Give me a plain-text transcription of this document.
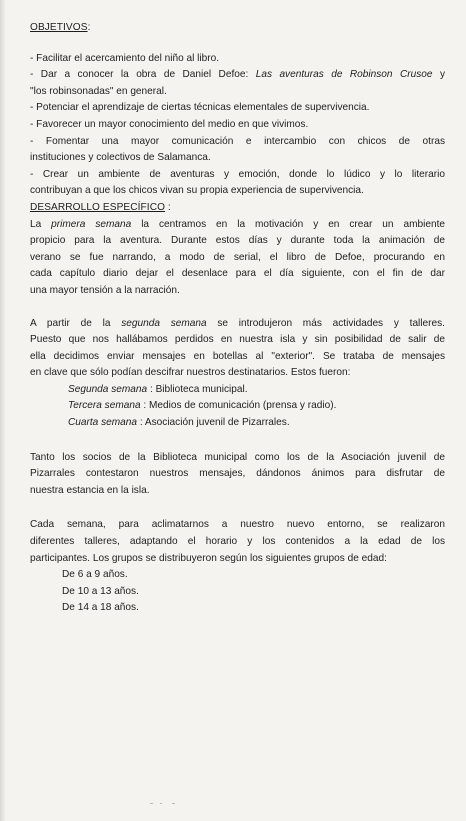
OBJETIVOS:

- Facilitar el acercamiento del niño al libro.

- Dar a conocer la obra de Daniel Defoe: Las aventuras de Robinson Crusoe y

"los robinsonadas" en general.

- Potenciar el aprendizaje de ciertas técnicas elementales de supervivencia.

- Favorecer un mayor conocimiento del medio en que vivimos.

- Fomentar una mayor comunicación e intercambio con chicos de otras

instituciones y colectivos de Salamanca.

- Crear un ambiente de aventuras y emoción, donde lo lúdico y lo literario

contribuyan a que los chicos vivan su propia experiencia de supervivencia.

DESARROLLO ESPECÍFICO :

La primera semana la centramos en la motivación y en crear un ambiente

propicio para la aventura. Durante estos días y durante toda la animación de

verano se fue narrando, a modo de serial, el libro de Defoe, procurando en

cada capítulo diario dejar el desenlace para el día siguiente, con el fin de dar

una mayor tensión a la narración.

A partir de la segunda semana se introdujeron más actividades y talleres.

Puesto que nos hallábamos perdidos en nuestra isla y sin posibilidad de salir de

ella decidimos enviar mensajes en botellas al "exterior". Se trataba de mensajes

en clave que sólo podían descifrar nuestros destinatarios. Estos fueron:

Segunda semana : Biblioteca municipal.

Tercera semana : Medios de comunicación (prensa y radio).

Cuarta semana : Asociación juvenil de Pizarrales.

Tanto los socios de la Biblioteca municipal como los de la Asociación juvenil de

Pizarrales contestaron nuestros mensajes, dándonos ánimos para disfrutar de

nuestra estancia en la isla.

Cada semana, para aclimatarnos a nuestro nuevo entorno, se realizaron

diferentes talleres, adaptando el horario y los contenidos a la edad de los

participantes. Los grupos se distribuyeron según los siguientes grupos de edad:

De 6 a 9 años.

De 10 a 13 años.

De 14 a 18 años.
